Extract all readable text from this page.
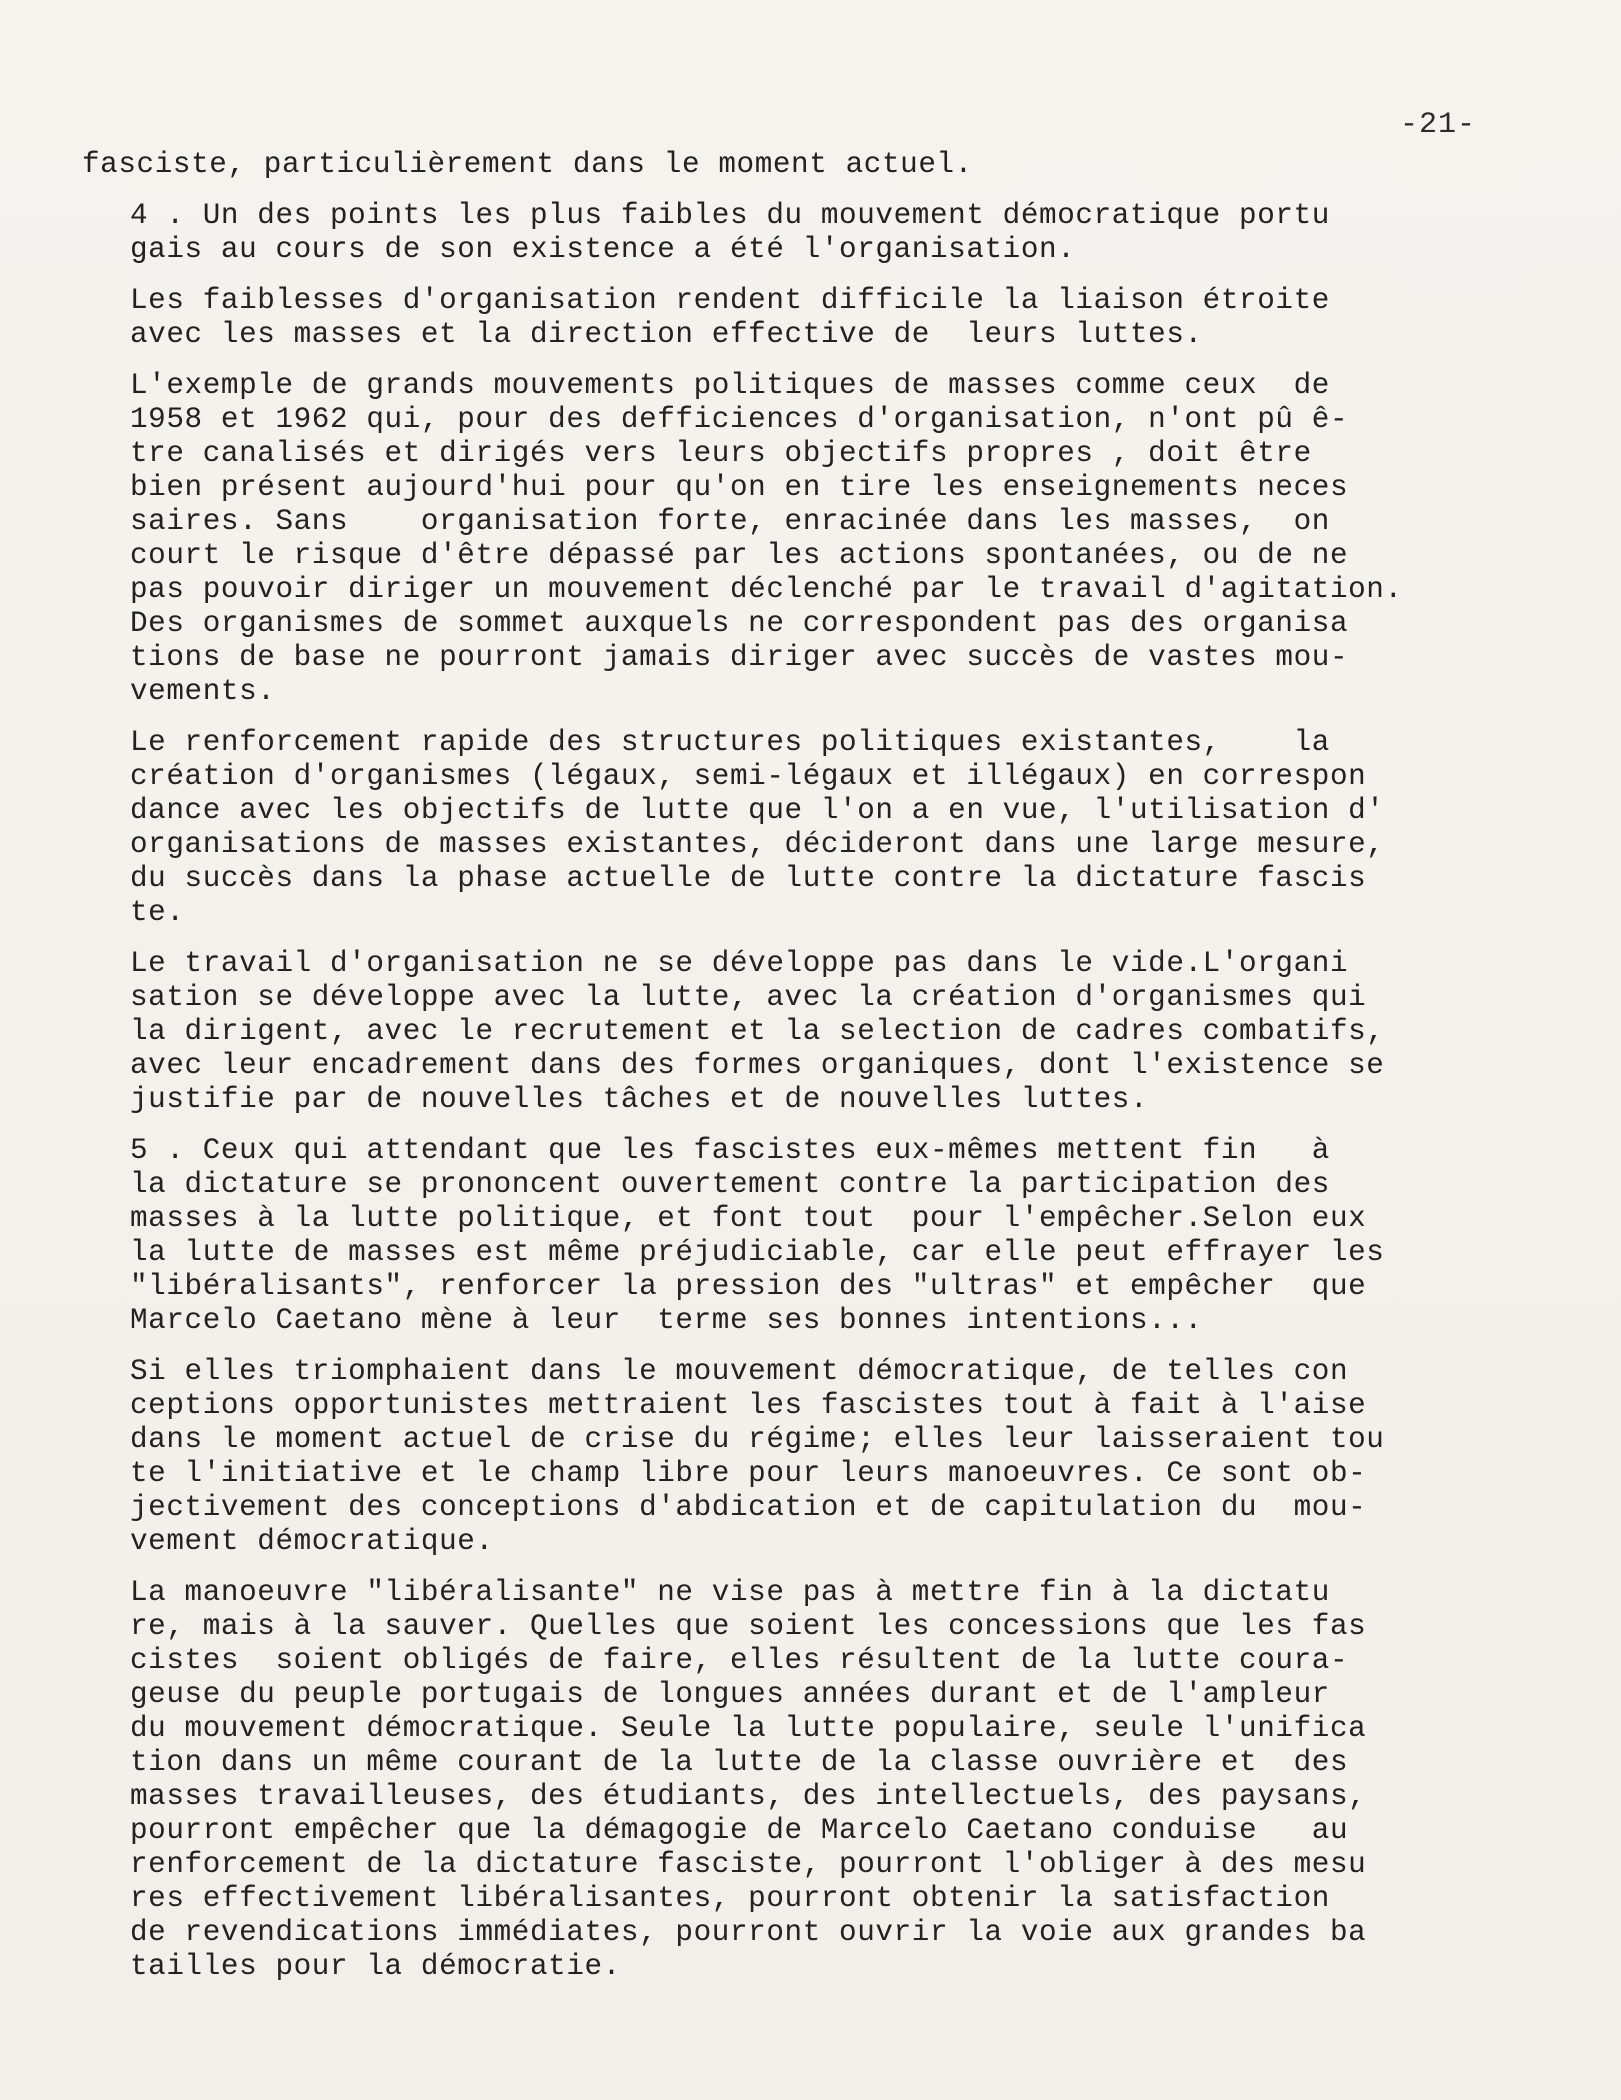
-21-
fasciste, particulièrement dans le moment actuel.
4 . Un des points les plus faibles du mouvement démocratique portu
gais au cours de son existence a été l'organisation.
Les faiblesses d'organisation rendent difficile la liaison étroite
avec les masses et la direction effective de  leurs luttes.
L'exemple de grands mouvements politiques de masses comme ceux  de
1958 et 1962 qui, pour des defficiences d'organisation, n'ont pû ê-
tre canalisés et dirigés vers leurs objectifs propres , doit être
bien présent aujourd'hui pour qu'on en tire les enseignements neces
saires. Sans    organisation forte, enracinée dans les masses,  on
court le risque d'être dépassé par les actions spontanées, ou de ne
pas pouvoir diriger un mouvement déclenché par le travail d'agitation.
Des organismes de sommet auxquels ne correspondent pas des organisa
tions de base ne pourront jamais diriger avec succès de vastes mou-
vements.
Le renforcement rapide des structures politiques existantes,    la
création d'organismes (légaux, semi-légaux et illégaux) en correspon
dance avec les objectifs de lutte que l'on a en vue, l'utilisation d'
organisations de masses existantes, décideront dans une large mesure,
du succès dans la phase actuelle de lutte contre la dictature fascis
te.
Le travail d'organisation ne se développe pas dans le vide.L'organi
sation se développe avec la lutte, avec la création d'organismes qui
la dirigent, avec le recrutement et la selection de cadres combatifs,
avec leur encadrement dans des formes organiques, dont l'existence se
justifie par de nouvelles tâches et de nouvelles luttes.
5 . Ceux qui attendant que les fascistes eux-mêmes mettent fin   à
la dictature se prononcent ouvertement contre la participation des
masses à la lutte politique, et font tout  pour l'empêcher.Selon eux
la lutte de masses est même préjudiciable, car elle peut effrayer les
"libéralisants", renforcer la pression des "ultras" et empêcher  que
Marcelo Caetano mène à leur  terme ses bonnes intentions...
Si elles triomphaient dans le mouvement démocratique, de telles con
ceptions opportunistes mettraient les fascistes tout à fait à l'aise
dans le moment actuel de crise du régime; elles leur laisseraient tou
te l'initiative et le champ libre pour leurs manoeuvres. Ce sont ob-
jectivement des conceptions d'abdication et de capitulation du  mou-
vement démocratique.
La manoeuvre "libéralisante" ne vise pas à mettre fin à la dictatu
re, mais à la sauver. Quelles que soient les concessions que les fas
cistes  soient obligés de faire, elles résultent de la lutte coura-
geuse du peuple portugais de longues années durant et de l'ampleur
du mouvement démocratique. Seule la lutte populaire, seule l'unifica
tion dans un même courant de la lutte de la classe ouvrière et  des
masses travailleuses, des étudiants, des intellectuels, des paysans,
pourront empêcher que la démagogie de Marcelo Caetano conduise   au
renforcement de la dictature fasciste, pourront l'obliger à des mesu
res effectivement libéralisantes, pourront obtenir la satisfaction
de revendications immédiates, pourront ouvrir la voie aux grandes ba
tailles pour la démocratie.
